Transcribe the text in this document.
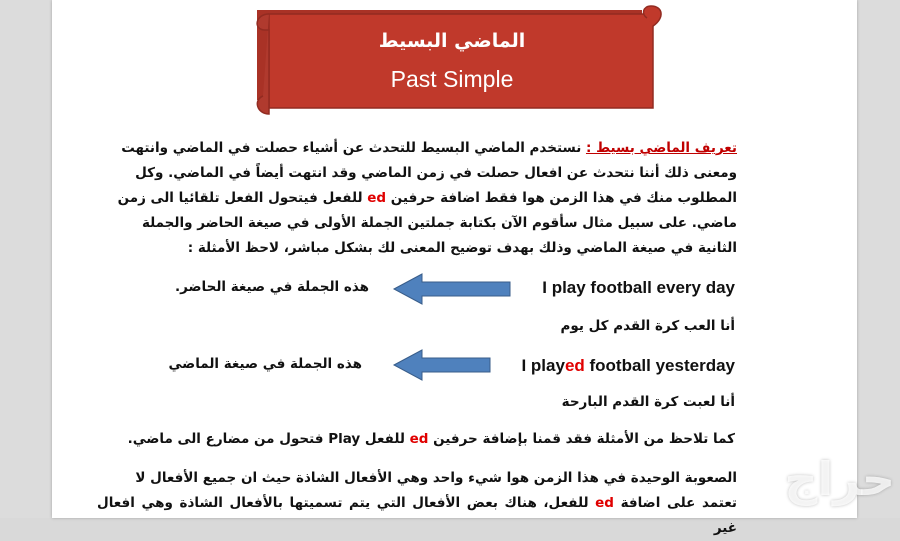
الماضي البسيط
Past Simple
تعريف الماضي بسيط : نستخدم الماضي البسيط للتحدث عن أشياء حصلت في الماضي وانتهت
ومعنى ذلك أننا نتحدث عن افعال حصلت في زمن الماضي وقد انتهت أيضاً في الماضي. وكل
المطلوب منك في هذا الزمن هوا فقط اضافة حرفين ed للفعل فيتحول الفعل تلقائيا الى زمن
ماضي. على سبيل مثال سأقوم الآن بكتابة جملتين الجملة الأولى في صيغة الحاضر والجملة
الثانية في صيغة الماضي وذلك بهدف توضيح المعنى لك بشكل مباشر، لاحظ الأمثلة :
I play football every day
هذه الجملة في صيغة الحاضر.
أنا العب كرة القدم كل يوم
I played football yesterday
هذه الجملة في صيغة الماضي
أنا لعبت كرة القدم البارحة
كما تلاحظ من الأمثلة فقد قمنا بإضافة حرفين ed للفعل Play فتحول من مضارع الى ماضي.
الصعوبة الوحيدة في هذا الزمن هوا شيء واحد وهي الأفعال الشاذة حيث ان جميع الأفعال لا
تعتمد على اضافة ed للفعل، هناك بعض الأفعال التي يتم تسميتها بالأفعال الشاذة وهي افعال غير
حراج
